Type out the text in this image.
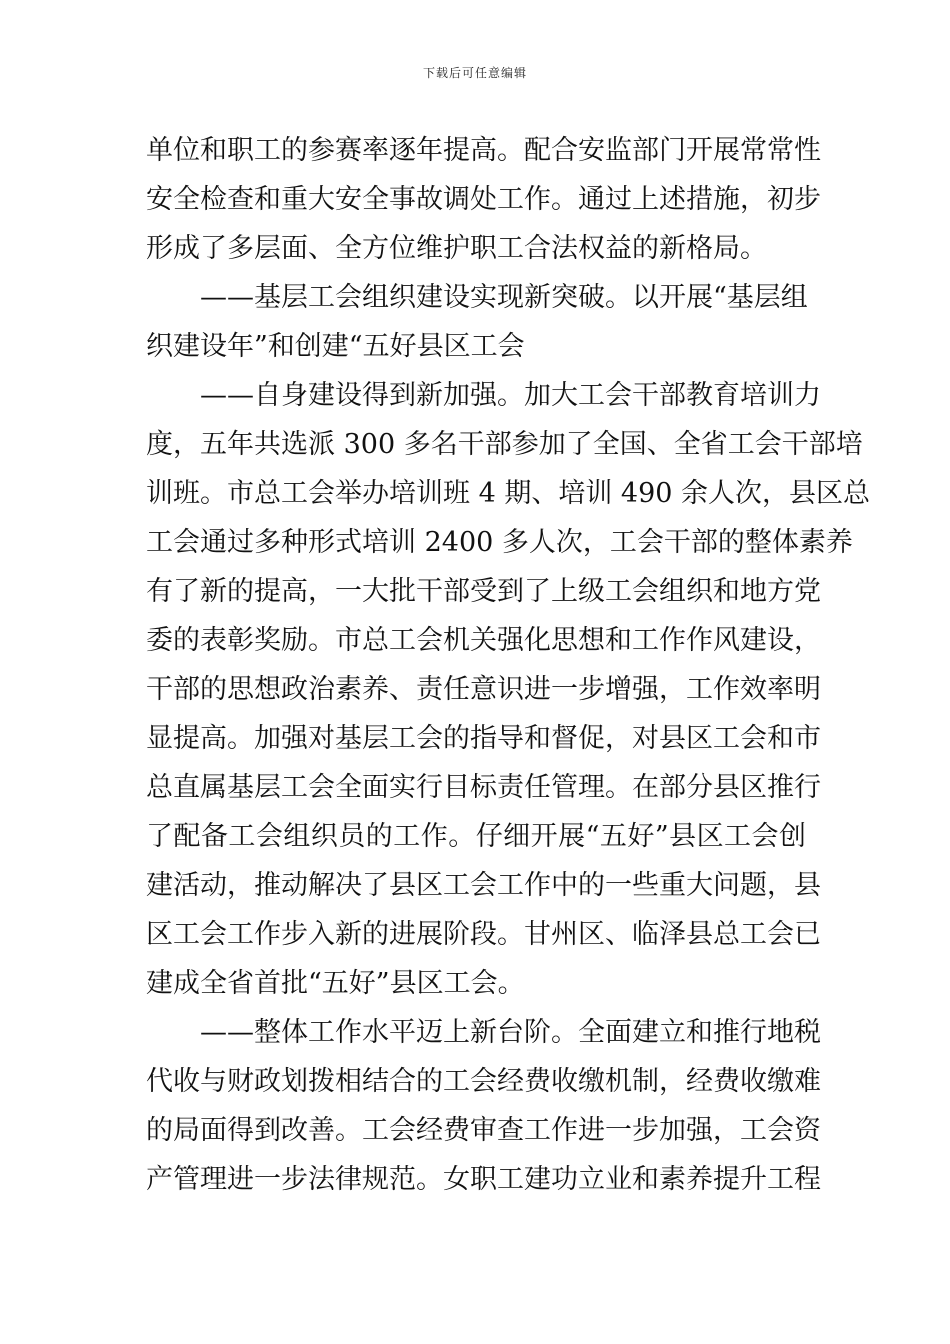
下载后可任意编辑
单位和职工的参赛率逐年提高。配合安监部门开展常常性
安全检查和重大安全事故调处工作。通过上述措施，初步
形成了多层面、全方位维护职工合法权益的新格局。
——基层工会组织建设实现新突破。以开展“基层组
织建设年”和创建“五好县区工会
——自身建设得到新加强。加大工会干部教育培训力
度，五年共选派 300 多名干部参加了全国、全省工会干部培
训班。市总工会举办培训班 4 期、培训 490 余人次，县区总
工会通过多种形式培训 2400 多人次，工会干部的整体素养
有了新的提高，一大批干部受到了上级工会组织和地方党
委的表彰奖励。市总工会机关强化思想和工作作风建设，
干部的思想政治素养、责任意识进一步增强，工作效率明
显提高。加强对基层工会的指导和督促，对县区工会和市
总直属基层工会全面实行目标责任管理。在部分县区推行
了配备工会组织员的工作。仔细开展“五好”县区工会创
建活动，推动解决了县区工会工作中的一些重大问题，县
区工会工作步入新的进展阶段。甘州区、临泽县总工会已
建成全省首批“五好”县区工会。
——整体工作水平迈上新台阶。全面建立和推行地税
代收与财政划拨相结合的工会经费收缴机制，经费收缴难
的局面得到改善。工会经费审查工作进一步加强，工会资
产管理进一步法律规范。女职工建功立业和素养提升工程
